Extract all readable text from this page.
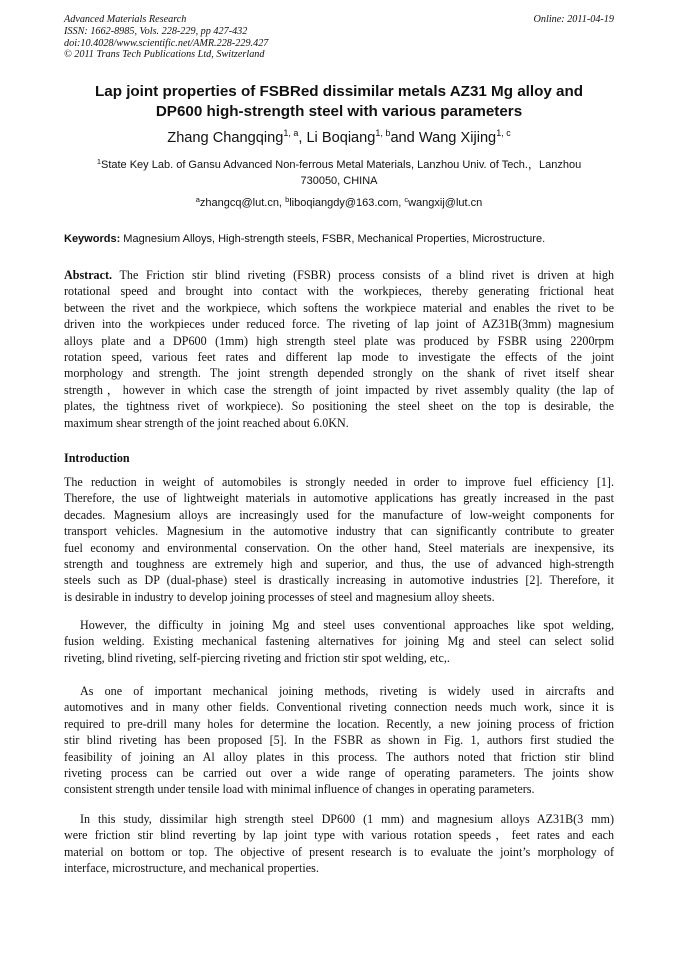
Advanced Materials Research
ISSN: 1662-8985, Vols. 228-229, pp 427-432
doi:10.4028/www.scientific.net/AMR.228-229.427
© 2011 Trans Tech Publications Ltd, Switzerland
Online: 2011-04-19
Lap joint properties of FSBRed dissimilar metals AZ31 Mg alloy and
DP600 high-strength steel with various parameters
Zhang Changqing$^{1, a}$, Li Boqiang$^{1, b}$and Wang Xijing$^{1, c}$
$^1$State Key Lab. of Gansu Advanced Non-ferrous Metal Materials, Lanzhou Univ. of Tech.，Lanzhou
730050, CHINA
$^a$zhangcq@lut.cn, $^b$liboqiangdy@163.com, $^c$wangxij@lut.cn
Keywords: Magnesium Alloys, High-strength steels, FSBR, Mechanical Properties, Microstructure.
Abstract. The Friction stir blind riveting (FSBR) process consists of a blind rivet is driven at high
rotational speed and brought into contact with the workpieces, thereby generating frictional heat
between the rivet and the workpiece, which softens the workpiece material and enables the rivet to be
driven into the workpieces under reduced force. The riveting of lap joint of AZ31B(3mm) magnesium
alloys plate and a DP600 (1mm) high strength steel plate was produced by FSBR using 2200rpm
rotation speed, various feet rates and different lap mode to investigate the effects of the joint
morphology and strength. The joint strength depended strongly on the shank of rivet itself shear
strength，however in which case the strength of joint impacted by rivet assembly quality (the lap of
plates, the tightness rivet of workpiece). So positioning the steel sheet on the top is desirable, the
maximum shear strength of the joint reached about 6.0KN.
Introduction
The reduction in weight of automobiles is strongly needed in order to improve fuel efficiency [1].
Therefore, the use of lightweight materials in automotive applications has greatly increased in the past
decades. Magnesium alloys are increasingly used for the manufacture of low-weight components for
transport vehicles. Magnesium in the automotive industry that can significantly contribute to greater
fuel economy and environmental conservation. On the other hand, Steel materials are inexpensive, its
strength and toughness are extremely high and superior, and thus, the use of advanced high-strength
steels such as DP (dual-phase) steel is drastically increasing in automotive industries [2]. Therefore, it
is desirable in industry to develop joining processes of steel and magnesium alloy sheets.
However, the difficulty in joining Mg and steel uses conventional approaches like spot welding,
fusion welding. Existing mechanical fastening alternatives for joining Mg and steel can select solid
riveting, blind riveting, self-piercing riveting and friction stir spot welding, etc,.
As one of important mechanical joining methods, riveting is widely used in aircrafts and
automotives and in many other fields. Conventional riveting connection needs much work, since it is
required to pre-drill many holes for determine the location. Recently, a new joining process of friction
stir blind riveting has been proposed [5]. In the FSBR as shown in Fig. 1, authors first studied the
feasibility of joining an Al alloy plates in this process. The authors noted that friction stir blind
riveting process can be carried out over a wide range of operating parameters. The joints show
consistent strength under tensile load with minimal influence of changes in operating parameters.
In this study, dissimilar high strength steel DP600 (1 mm) and magnesium alloys AZ31B(3 mm)
were friction stir blind reverting by lap joint type with various rotation speeds，feet rates and each
material on bottom or top. The objective of present research is to evaluate the joint’s morphology of
interface, microstructure, and mechanical properties.
